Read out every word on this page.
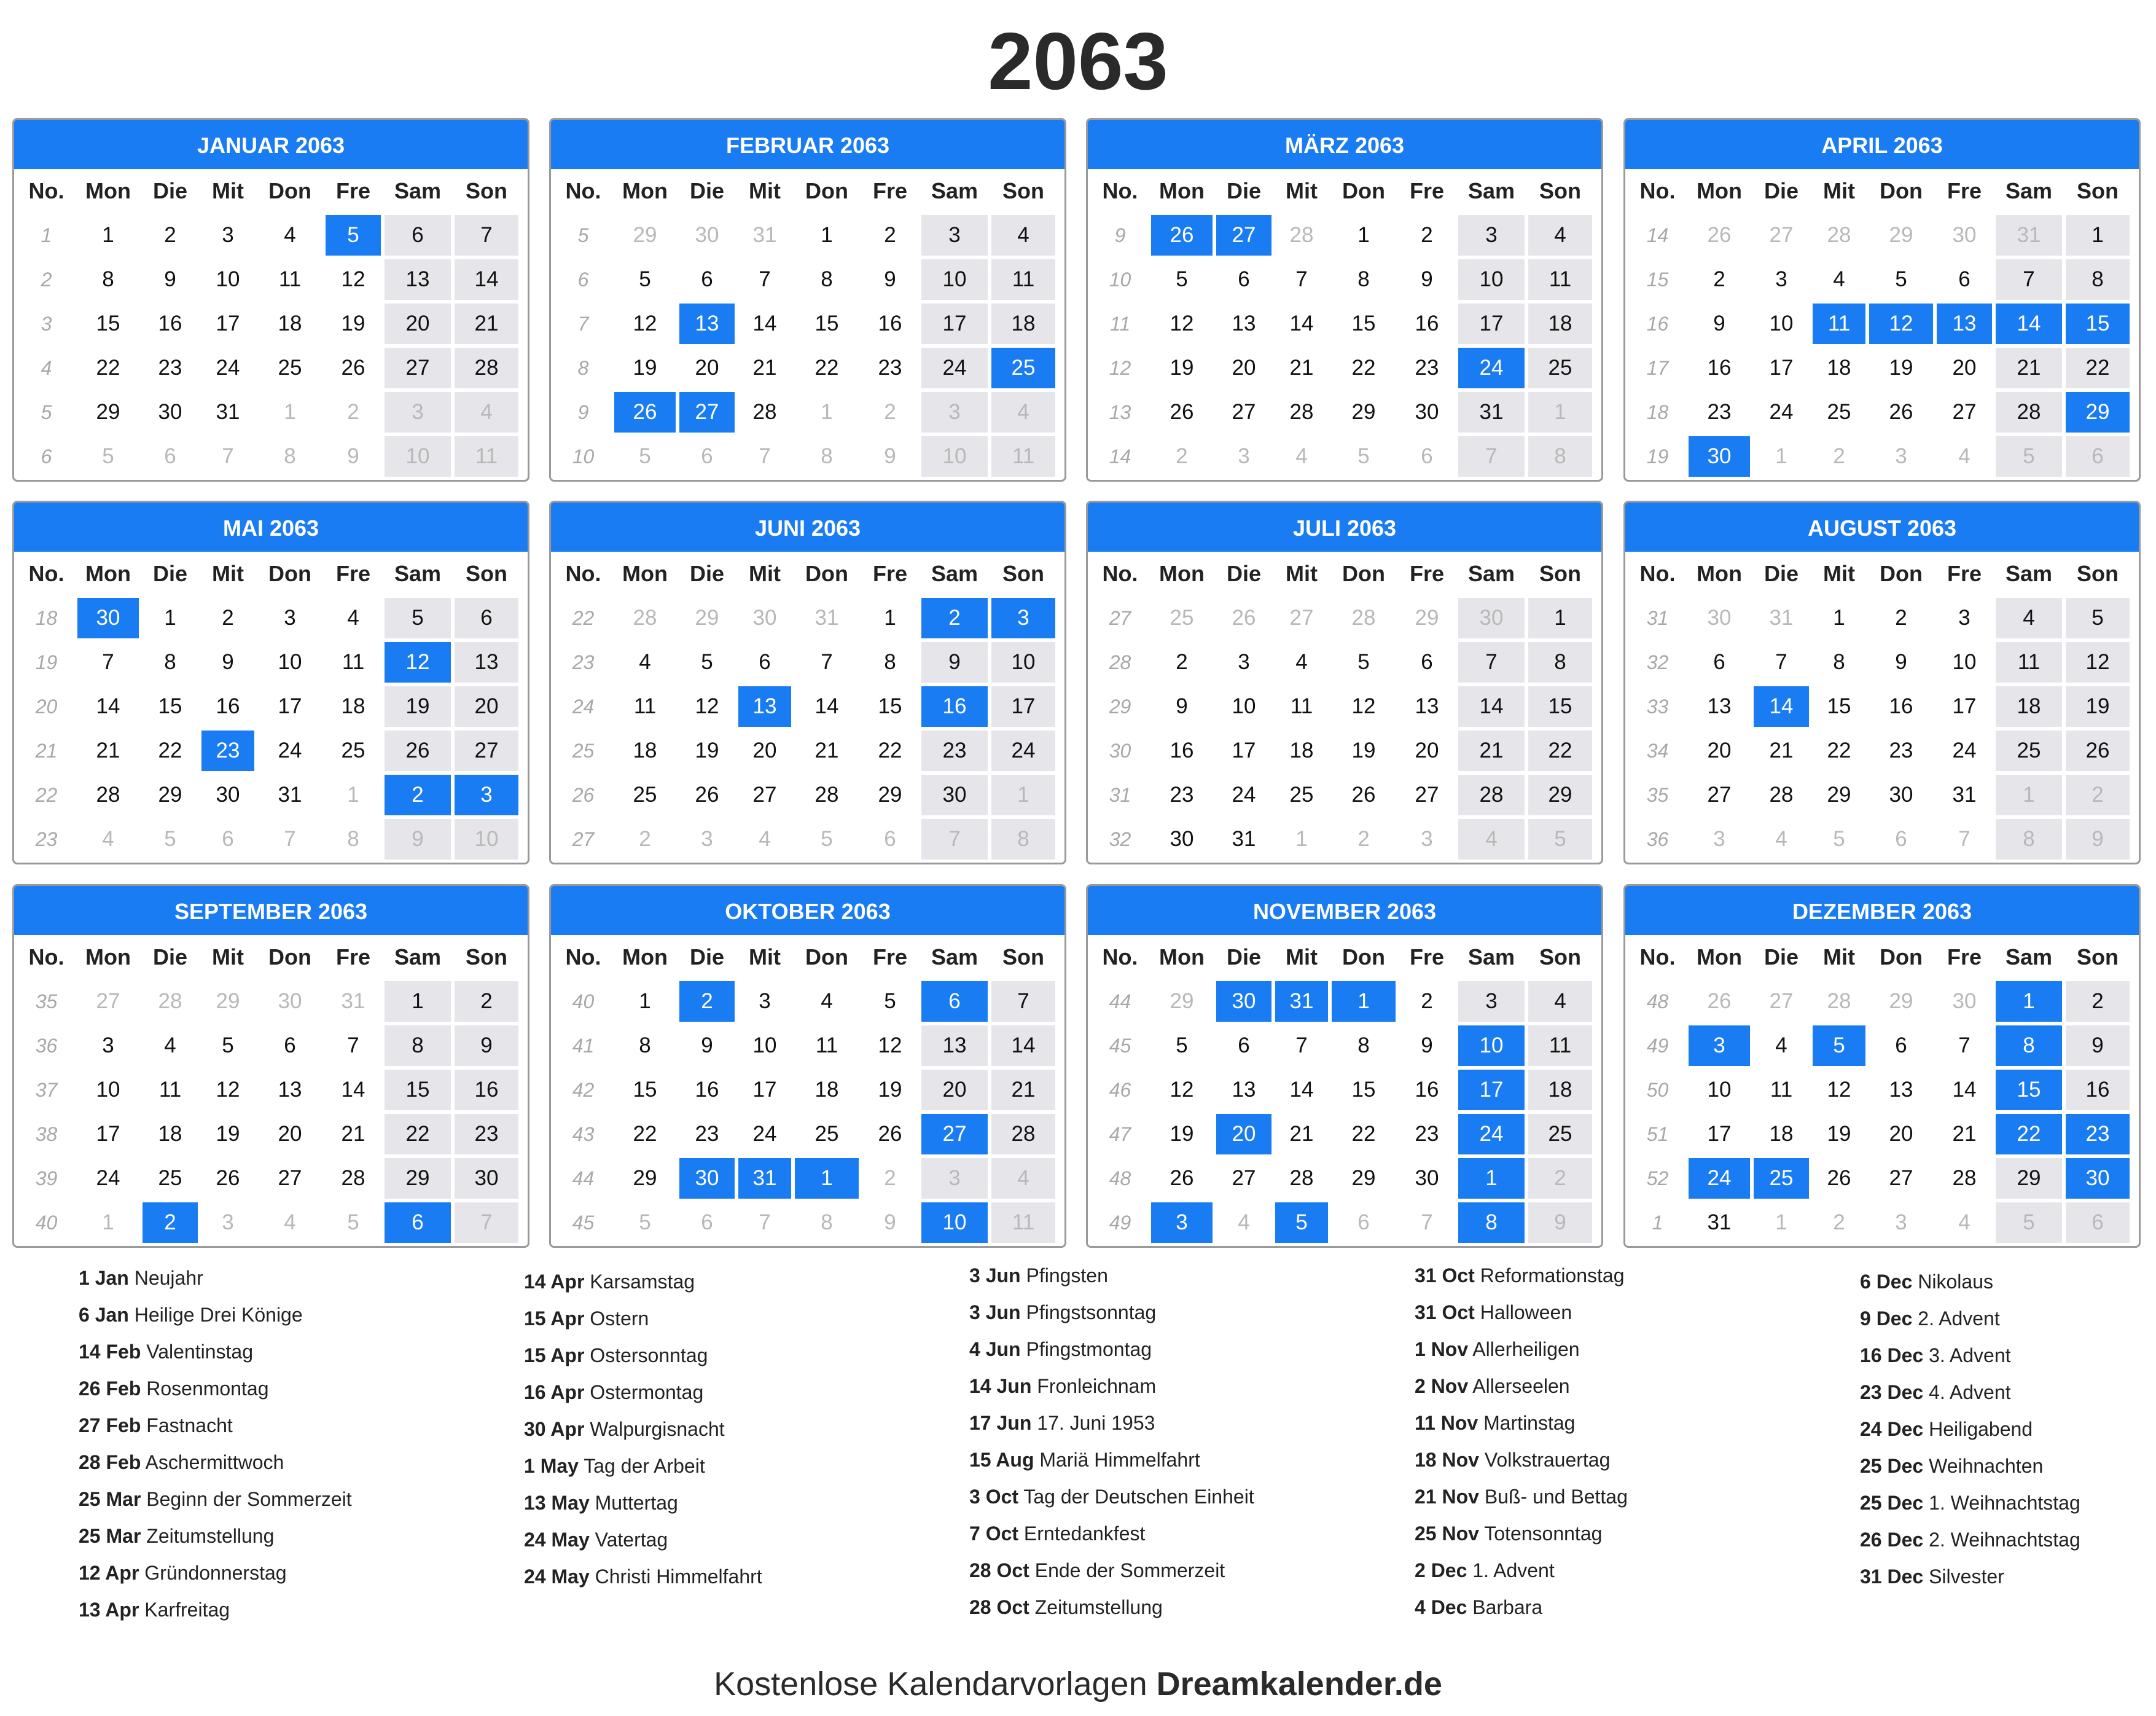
2063
JANUAR 2063
No. Mon	Die	Mit	Don	Fre	Sam	Son
1	1	2	3	4	5	6	7
2	8	9	10	11	12	13	14
3	15	16	17	18	19	20	21
4	22	23	24	25	26	27	28
5	29	30	31	1	2	3	4
6	5	6	7	8	9	10	11
FEBRUAR 2063
No. Mon	Die	Mit	Don	Fre	Sam	Son
5	29	30	31	1	2	3	4
6	5	6	7	8	9	10	11
7	12	13	14	15	16	17	18
8	19	20	21	22	23	24	25
9	26	27	28	1	2	3	4
10	5	6	7	8	9	10	11
MÄRZ 2063
No. Mon	Die	Mit	Don	Fre	Sam	Son
9	26	27	28	1	2	3	4
10	5	6	7	8	9	10	11
11	12	13	14	15	16	17	18
12	19	20	21	22	23	24	25
13	26	27	28	29	30	31	1
14	2	3	4	5	6	7	8
APRIL 2063
No. Mon	Die	Mit	Don	Fre	Sam	Son
14	26	27	28	29	30	31	1
15	2	3	4	5	6	7	8
16	9	10	11	12	13	14	15
17	16	17	18	19	20	21	22
18	23	24	25	26	27	28	29
19	30	1	2	3	4	5	6
MAI 2063
No. Mon	Die	Mit	Don	Fre	Sam	Son
18	30	1	2	3	4	5	6
19	7	8	9	10	11	12	13
20	14	15	16	17	18	19	20
21	21	22	23	24	25	26	27
22	28	29	30	31	1	2	3
23	4	5	6	7	8	9	10
JUNI 2063
No. Mon	Die	Mit	Don	Fre	Sam	Son
22	28	29	30	31	1	2	3
23	4	5	6	7	8	9	10
24	11	12	13	14	15	16	17
25	18	19	20	21	22	23	24
26	25	26	27	28	29	30	1
27	2	3	4	5	6	7	8
JULI 2063
No. Mon	Die	Mit	Don	Fre	Sam	Son
27	25	26	27	28	29	30	1
28	2	3	4	5	6	7	8
29	9	10	11	12	13	14	15
30	16	17	18	19	20	21	22
31	23	24	25	26	27	28	29
32	30	31	1	2	3	4	5
AUGUST 2063
No. Mon	Die	Mit	Don	Fre	Sam	Son
31	30	31	1	2	3	4	5
32	6	7	8	9	10	11	12
33	13	14	15	16	17	18	19
34	20	21	22	23	24	25	26
35	27	28	29	30	31	1	2
36	3	4	5	6	7	8	9
SEPTEMBER 2063
No. Mon	Die	Mit	Don	Fre	Sam	Son
35	27	28	29	30	31	1	2
36	3	4	5	6	7	8	9
37	10	11	12	13	14	15	16
38	17	18	19	20	21	22	23
39	24	25	26	27	28	29	30
40	1	2	3	4	5	6	7
OKTOBER 2063
No. Mon	Die	Mit	Don	Fre	Sam	Son
40	1	2	3	4	5	6	7
41	8	9	10	11	12	13	14
42	15	16	17	18	19	20	21
43	22	23	24	25	26	27	28
44	29	30	31	1	2	3	4
45	5	6	7	8	9	10	11
NOVEMBER 2063
No. Mon	Die	Mit	Don	Fre	Sam	Son
44	29	30	31	1	2	3	4
45	5	6	7	8	9	10	11
46	12	13	14	15	16	17	18
47	19	20	21	22	23	24	25
48	26	27	28	29	30	1	2
49	3	4	5	6	7	8	9
DEZEMBER 2063
No. Mon	Die	Mit	Don	Fre	Sam	Son
48	26	27	28	29	30	1	2
49	3	4	5	6	7	8	9
50	10	11	12	13	14	15	16
51	17	18	19	20	21	22	23
52	24	25	26	27	28	29	30
1	31	1	2	3	4	5	6
1 Jan Neujahr
6 Jan Heilige Drei Könige
14 Feb Valentinstag
26 Feb Rosenmontag
27 Feb Fastnacht
28 Feb Aschermittwoch
25 Mar Beginn der Sommerzeit
25 Mar Zeitumstellung
12 Apr Gründonnerstag
13 Apr Karfreitag
14 Apr Karsamstag
15 Apr Ostern
15 Apr Ostersonntag
16 Apr Ostermontag
30 Apr Walpurgisnacht
1 May Tag der Arbeit
13 May Muttertag
24 May Vatertag
24 May Christi Himmelfahrt
3 Jun Pfingsten
3 Jun Pfingstsonntag
4 Jun Pfingstmontag
14 Jun Fronleichnam
17 Jun 17. Juni 1953
15 Aug Mariä Himmelfahrt
3 Oct Tag der Deutschen Einheit
7 Oct Erntedankfest
28 Oct Ende der Sommerzeit
28 Oct Zeitumstellung
31 Oct Reformationstag
31 Oct Halloween
1 Nov Allerheiligen
2 Nov Allerseelen
11 Nov Martinstag
18 Nov Volkstrauertag
21 Nov Buß- und Bettag
25 Nov Totensonntag
2 Dec 1. Advent
4 Dec Barbara
6 Dec Nikolaus
9 Dec 2. Advent
16 Dec 3. Advent
23 Dec 4. Advent
24 Dec Heiligabend
25 Dec Weihnachten
25 Dec 1. Weihnachtstag
26 Dec 2. Weihnachtstag
31 Dec Silvester
Kostenlose Kalendarvorlagen Dreamkalender.de
